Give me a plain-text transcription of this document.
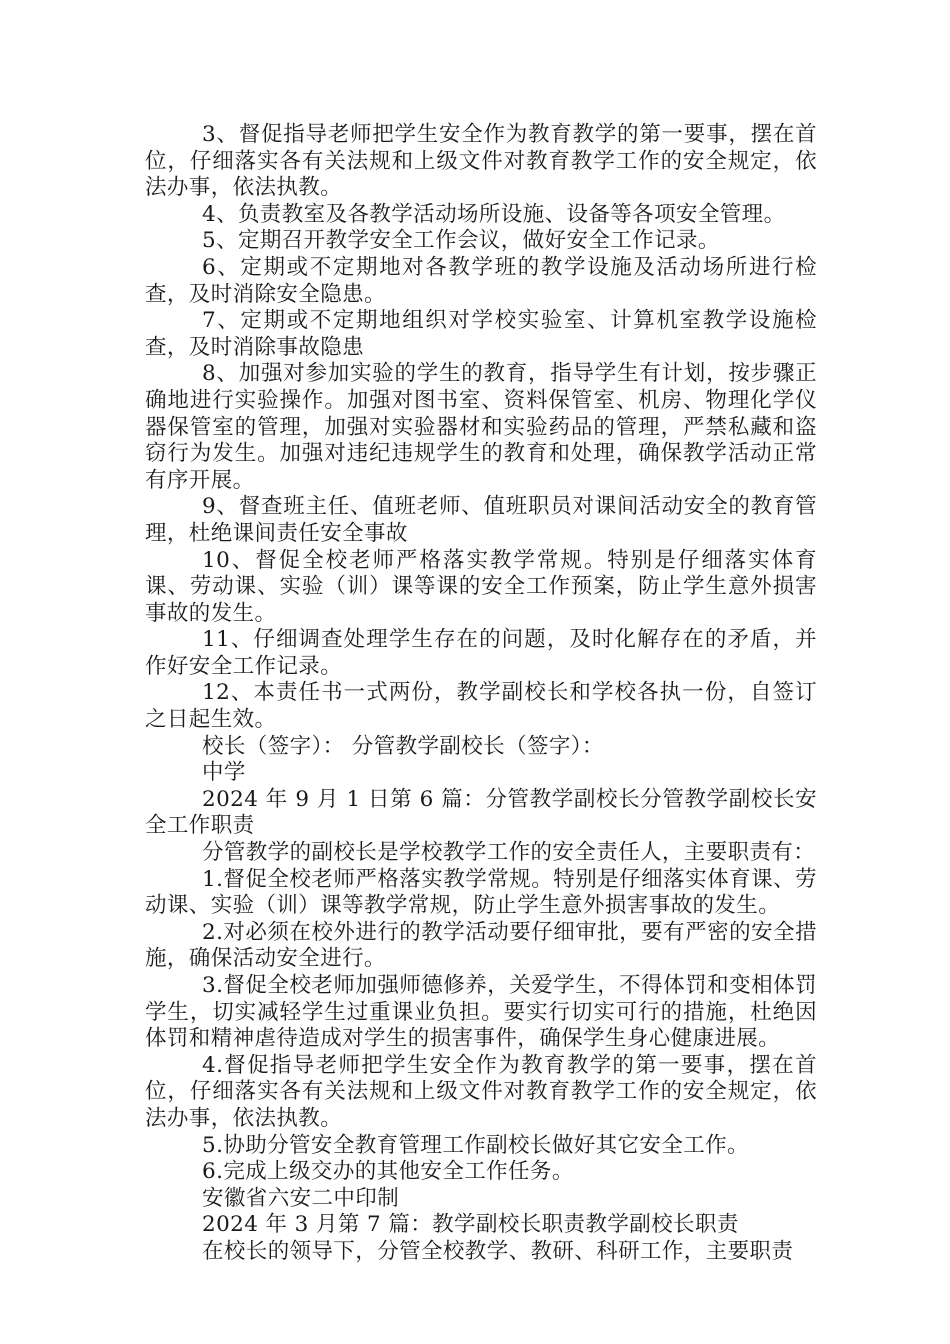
3、督促指导老师把学生安全作为教育教学的第一要事，摆在首位，仔细落实各有关法规和上级文件对教育教学工作的安全规定，依法办事，依法执教。

4、负责教室及各教学活动场所设施、设备等各项安全管理。

5、定期召开教学安全工作会议，做好安全工作记录。

6、定期或不定期地对各教学班的教学设施及活动场所进行检查，及时消除安全隐患。

7、定期或不定期地组织对学校实验室、计算机室教学设施检查，及时消除事故隐患

8、加强对参加实验的学生的教育，指导学生有计划，按步骤正确地进行实验操作。加强对图书室、资料保管室、机房、物理化学仪器保管室的管理，加强对实验器材和实验药品的管理，严禁私藏和盗窃行为发生。加强对违纪违规学生的教育和处理，确保教学活动正常有序开展。

9、督查班主任、值班老师、值班职员对课间活动安全的教育管理，杜绝课间责任安全事故

10、督促全校老师严格落实教学常规。特别是仔细落实体育课、劳动课、实验（训）课等课的安全工作预案，防止学生意外损害事故的发生。

11、仔细调查处理学生存在的问题，及时化解存在的矛盾，并作好安全工作记录。

12、本责任书一式两份，教学副校长和学校各执一份，自签订之日起生效。

校长（签字）： 分管教学副校长（签字）：

中学

2024 年 9 月 1 日第 6 篇：分管教学副校长分管教学副校长安全工作职责

分管教学的副校长是学校教学工作的安全责任人，主要职责有：

1.督促全校老师严格落实教学常规。特别是仔细落实体育课、劳动课、实验（训）课等教学常规，防止学生意外损害事故的发生。

2.对必须在校外进行的教学活动要仔细审批，要有严密的安全措施，确保活动安全进行。

3.督促全校老师加强师德修养，关爱学生，不得体罚和变相体罚学生，切实减轻学生过重课业负担。要实行切实可行的措施，杜绝因体罚和精神虐待造成对学生的损害事件，确保学生身心健康进展。

4.督促指导老师把学生安全作为教育教学的第一要事，摆在首位，仔细落实各有关法规和上级文件对教育教学工作的安全规定，依法办事，依法执教。

5.协助分管安全教育管理工作副校长做好其它安全工作。

6.完成上级交办的其他安全工作任务。

安徽省六安二中印制

2024 年 3 月第 7 篇：教学副校长职责教学副校长职责

在校长的领导下，分管全校教学、教研、科研工作，主要职责
